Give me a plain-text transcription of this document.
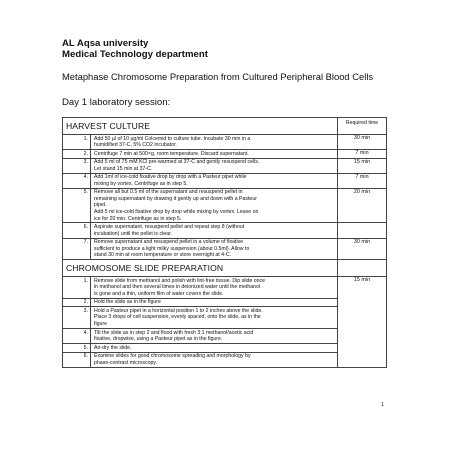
AL Aqsa university
Medical Technology department
Metaphase Chromosome Preparation from Cultured Peripheral Blood Cells
Day 1 laboratory session:
HARVEST CULTURE		Required time
1.	Add 50 µl of 10 µg/ml Colcemid to culture tube. Incubate 30 min in a
humidified 37◦C, 5% CO2 incubator.	30 min
2.	Centrifuge 7 min at 500×g, room temperature. Discard supernatant.	7 min
3.	Add 5 ml of 75 mM KCl pre-warmed at 37◦C and gently resuspend cells.
Let stand 15 min at 37◦C.	15 min
4.	Add 1ml of ice-cold fixative drop by drop with a Pasteur pipet while
mixing by vortex. Centrifuge as in step 5.	7 min
5.	Remove all but 0.5 ml of the supernatant and resuspend pellet in
remaining supernatant by drawing it gently up and down with a Pasteur
pipet.
Add 5 ml ice-cold fixative drop by drop while mixing by vortex. Leave on
ice for 20 min. Centrifuge as in step 5.	20 min
6.	Aspirate supernatant, resuspend pellet and repeat step 8 (without
incubation) until the pellet is clear.	

7.	Remove supernatant and resuspend pellet in a volume of fixative
sufficient to produce a light milky suspension (about 0.5ml). Allow to
stand 30 min at room temperature or store overnight at 4◦C.	30 min
CHROMOSOME SLIDE PREPARATION		
1.	Remove slide from methanol and polish with lint-free tissue. Dip slide once
in methanol and then several times in deionized water until the methanol
is gone and a thin, uniform film of water covers the slide.	15 min
2.	Hold the slide as in the figure	

3.	Hold a Pasteur pipet in a horizontal position 1 to 2 inches above the slide.
Place 3 drops of cell suspension, evenly spaced, onto the slide, as in the
figure	

4.	Tilt the slide as in step 2 and flood with fresh 3:1 methanol/acetic acid
fixative, dropwise, using a Pasteur pipet as in the figure.	

5.	Air-dry the slide.	

6.	Examine slides for good chromosome spreading and morphology by
phase-contrast microscopy.	
1
